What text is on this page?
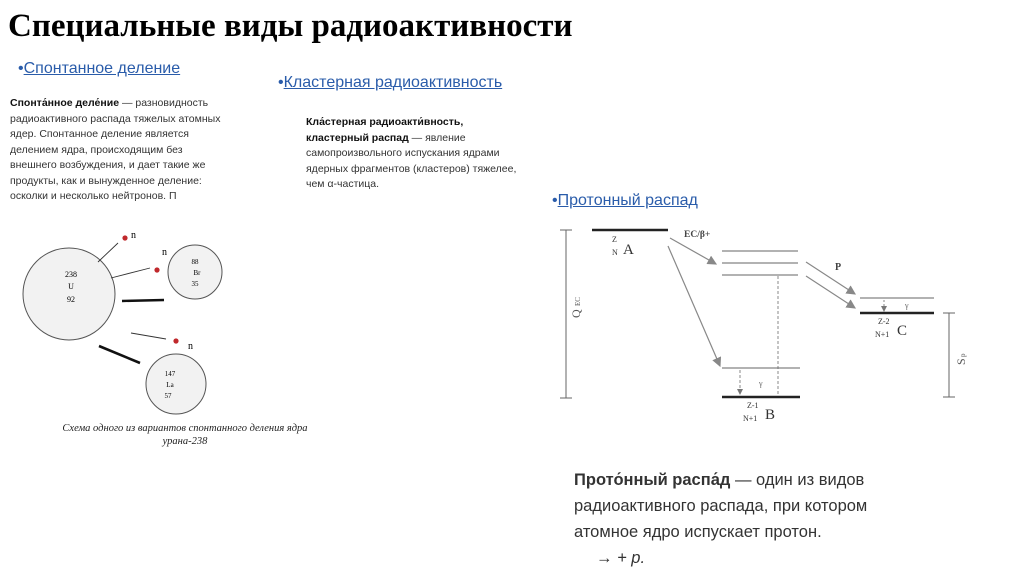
Специальные виды радиоактивности
•Спонтанное деление
Спонта́нное деле́ние — разновидность
радиоактивного распада тяжелых атомных
ядер. Спонтанное деление является
делением ядра, происходящим без
внешнего возбуждения, и дает такие же
продукты, как и вынужденное деление:
осколки и несколько нейтронов. П
238
U
92
88
Br
35
147
La
57
n
n
n
Схема одного из вариантов спонтанного деления ядра
урана-238
•Кластерная радиоактивность
Кла́стерная радиоакти́вность,
кластерный распад — явление
самопроизвольного испускания ядрами
ядерных фрагментов (кластеров) тяжелее,
чем α-частица.
•Протонный распад
Q
EC
Z
N A
EC/β+
γ
Z-1
N+1 B
P
γ
Z-2
N+1 C
S
p
Прото́нный распа́д — один из видов
радиоактивного распада, при котором
атомное ядро испускает протон.
→ + p.
